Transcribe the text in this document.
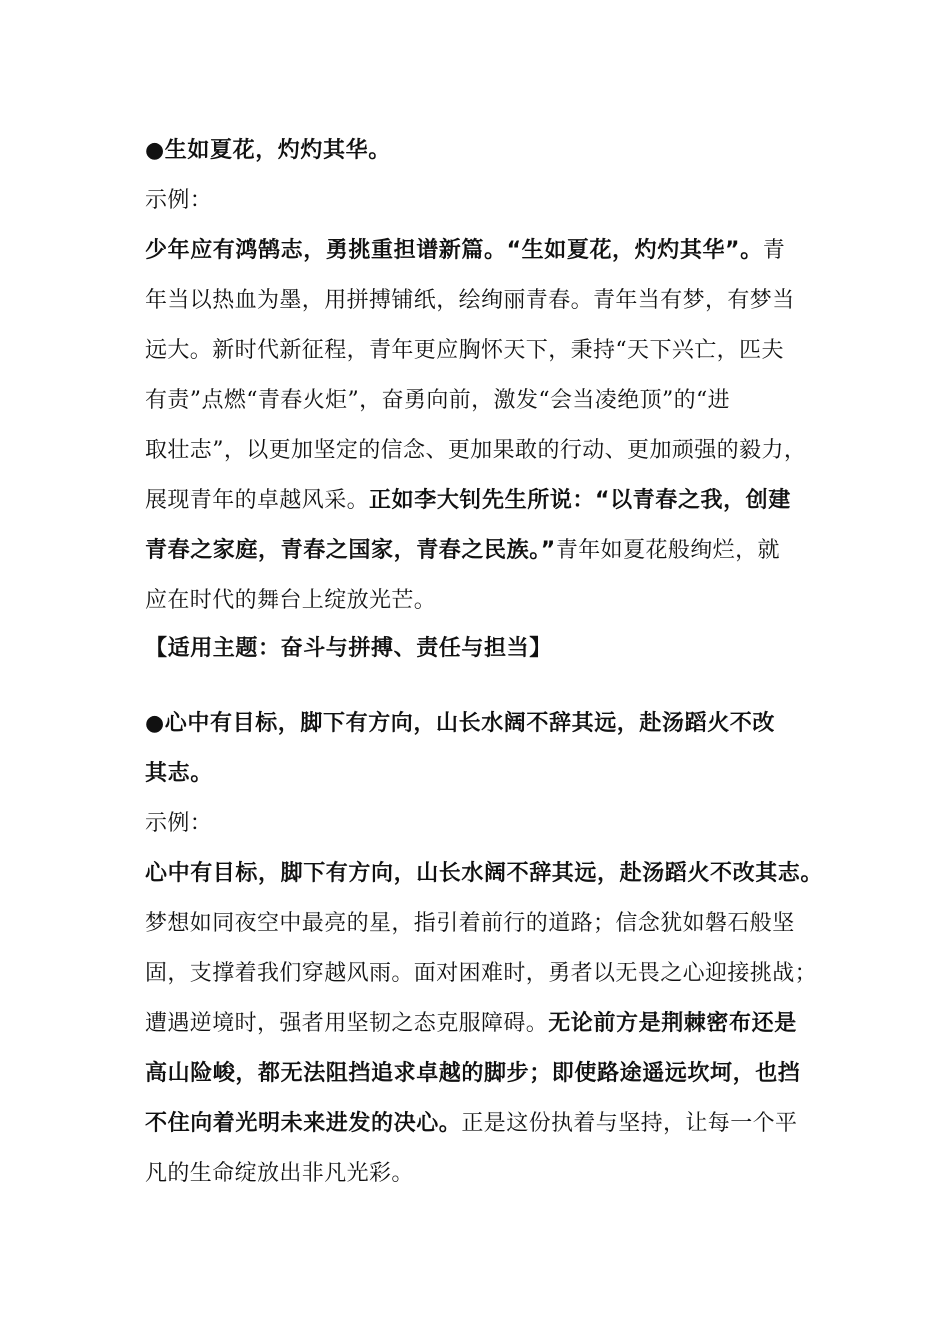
●生如夏花，灼灼其华。
示例：
少年应有鸿鹄志，勇挑重担谱新篇。“生如夏花，灼灼其华”。青
年当以热血为墨，用拼搏铺纸，绘绚丽青春。青年当有梦，有梦当
远大。新时代新征程，青年更应胸怀天下，秉持“天下兴亡，匹夫
有责”点燃“青春火炬”，奋勇向前，激发“会当凌绝顶”的“进
取壮志”，以更加坚定的信念、更加果敢的行动、更加顽强的毅力，
展现青年的卓越风采。正如李大钊先生所说：“以青春之我，创建
青春之家庭，青春之国家，青春之民族。”青年如夏花般绚烂，就
应在时代的舞台上绽放光芒。
【适用主题：奋斗与拼搏、责任与担当】
●心中有目标，脚下有方向，山长水阔不辞其远，赴汤蹈火不改
其志。
示例：
心中有目标，脚下有方向，山长水阔不辞其远，赴汤蹈火不改其志。
梦想如同夜空中最亮的星，指引着前行的道路；信念犹如磐石般坚
固，支撑着我们穿越风雨。面对困难时，勇者以无畏之心迎接挑战；
遭遇逆境时，强者用坚韧之态克服障碍。无论前方是荆棘密布还是
高山险峻，都无法阻挡追求卓越的脚步；即使路途遥远坎坷，也挡
不住向着光明未来进发的决心。正是这份执着与坚持，让每一个平
凡的生命绽放出非凡光彩。
